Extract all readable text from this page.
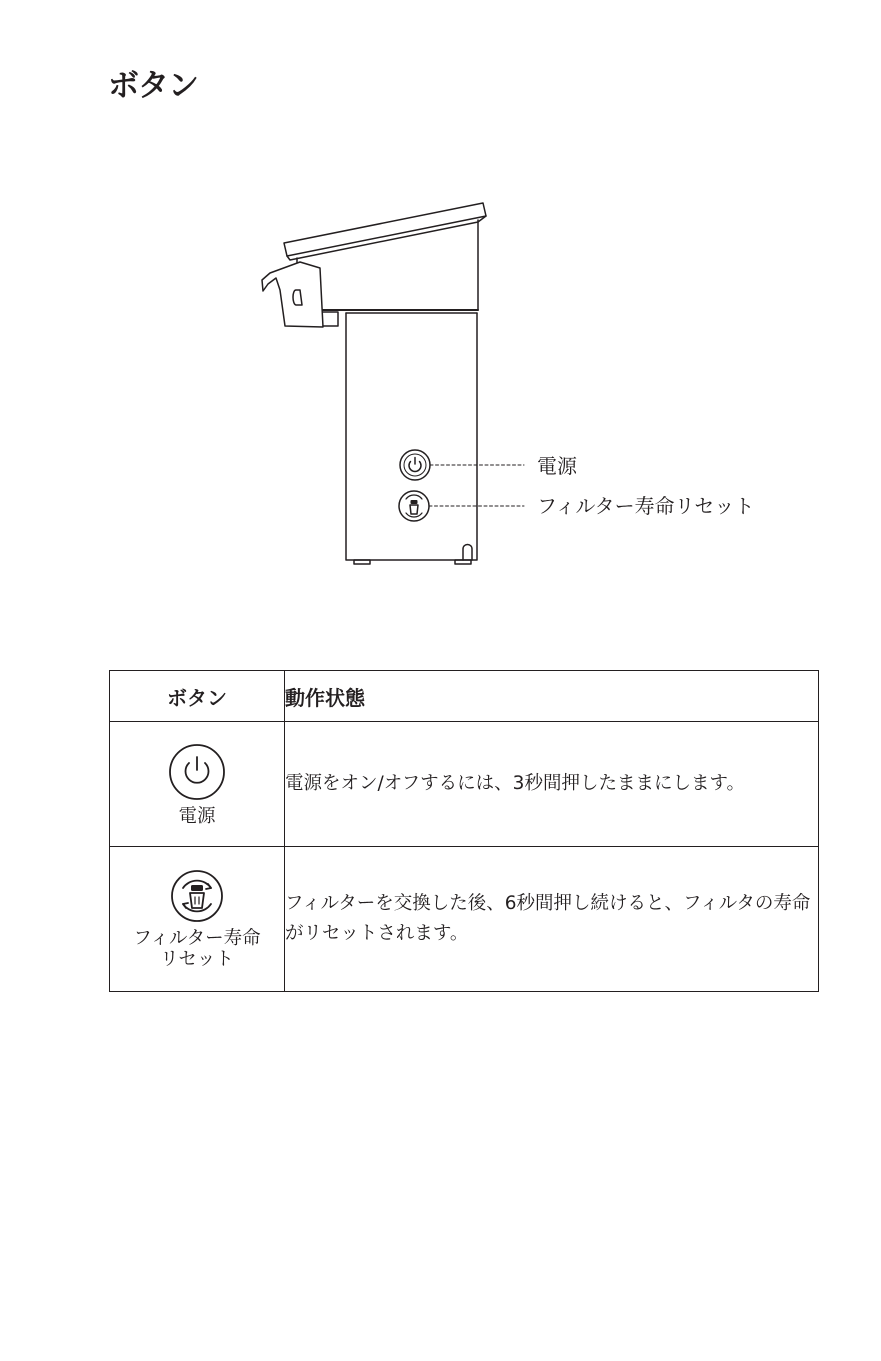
ボタン
電源
フィルター寿命リセット
ボタン	動作状態

電源	電源をオン/オフするには、3秒間押したままにします。

フィルター寿命
リセット	フィルターを交換した後、6秒間押し続けると、フィルタの寿命がリセットされます。
